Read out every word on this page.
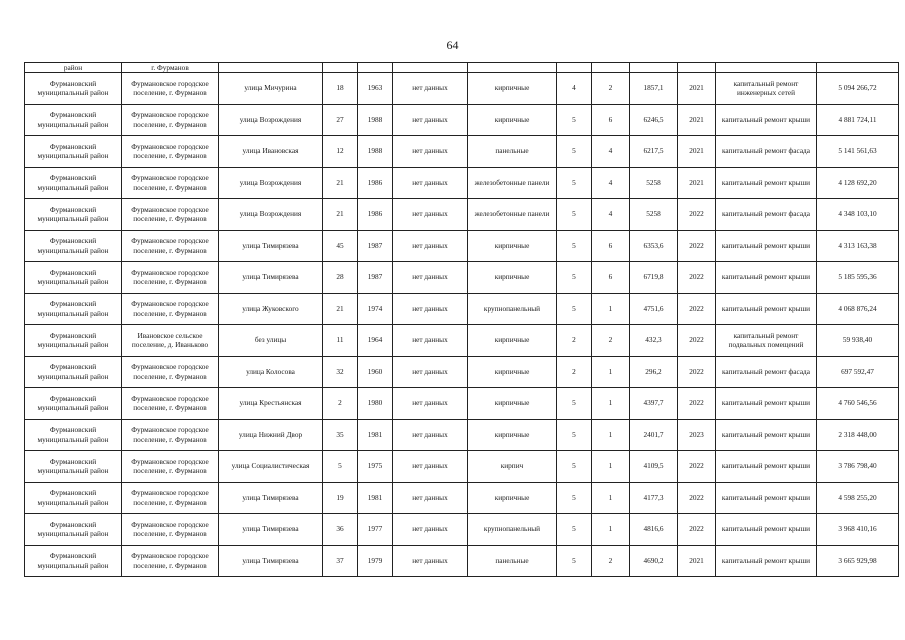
64
район	г. Фурманов											
Фурмановский муниципальный район	Фурмановское городское поселение, г. Фурманов	улица Мичурина	18	1963	нет данных	кирпичные	4	2	1857,1	2021	капитальный ремонт инженерных сетей	5 094 266,72
Фурмановский муниципальный район	Фурмановское городское поселение, г. Фурманов	улица Возрождения	27	1988	нет данных	кирпичные	5	6	6246,5	2021	капитальный ремонт крыши	4 881 724,11
Фурмановский муниципальный район	Фурмановское городское поселение, г. Фурманов	улица Ивановская	12	1988	нет данных	панельные	5	4	6217,5	2021	капитальный ремонт фасада	5 141 561,63
Фурмановский муниципальный район	Фурмановское городское поселение, г. Фурманов	улица Возрождения	21	1986	нет данных	железобетонные панели	5	4	5258	2021	капитальный ремонт крыши	4 128 692,20
Фурмановский муниципальный район	Фурмановское городское поселение, г. Фурманов	улица Возрождения	21	1986	нет данных	железобетонные панели	5	4	5258	2022	капитальный ремонт фасада	4 348 103,10
Фурмановский муниципальный район	Фурмановское городское поселение, г. Фурманов	улица Тимирязева	45	1987	нет данных	кирпичные	5	6	6353,6	2022	капитальный ремонт крыши	4 313 163,38
Фурмановский муниципальный район	Фурмановское городское поселение, г. Фурманов	улица Тимирязева	28	1987	нет данных	кирпичные	5	6	6719,8	2022	капитальный ремонт крыши	5 185 595,36
Фурмановский муниципальный район	Фурмановское городское поселение, г. Фурманов	улица Жуковского	21	1974	нет данных	крупнопанельный	5	1	4751,6	2022	капитальный ремонт крыши	4 068 876,24
Фурмановский муниципальный район	Ивановское сельское поселение, д. Иваньково	без улицы	11	1964	нет данных	кирпичные	2	2	432,3	2022	капитальный ремонт подвальных помещений	59 938,40
Фурмановский муниципальный район	Фурмановское городское поселение, г. Фурманов	улица Колосова	32	1960	нет данных	кирпичные	2	1	296,2	2022	капитальный ремонт фасада	697 592,47
Фурмановский муниципальный район	Фурмановское городское поселение, г. Фурманов	улица Крестьянская	2	1980	нет данных	кирпичные	5	1	4397,7	2022	капитальный ремонт крыши	4 760 546,56
Фурмановский муниципальный район	Фурмановское городское поселение, г. Фурманов	улица Нижний Двор	35	1981	нет данных	кирпичные	5	1	2401,7	2023	капитальный ремонт крыши	2 318 448,00
Фурмановский муниципальный район	Фурмановское городское поселение, г. Фурманов	улица Социалистическая	5	1975	нет данных	кирпич	5	1	4109,5	2022	капитальный ремонт крыши	3 786 798,40
Фурмановский муниципальный район	Фурмановское городское поселение, г. Фурманов	улица Тимирязева	19	1981	нет данных	кирпичные	5	1	4177,3	2022	капитальный ремонт крыши	4 598 255,20
Фурмановский муниципальный район	Фурмановское городское поселение, г. Фурманов	улица Тимирязева	36	1977	нет данных	крупнопанельный	5	1	4816,6	2022	капитальный ремонт крыши	3 968 410,16
Фурмановский муниципальный район	Фурмановское городское поселение, г. Фурманов	улица Тимирязева	37	1979	нет данных	панельные	5	2	4690,2	2021	капитальный ремонт крыши	3 665 929,98
